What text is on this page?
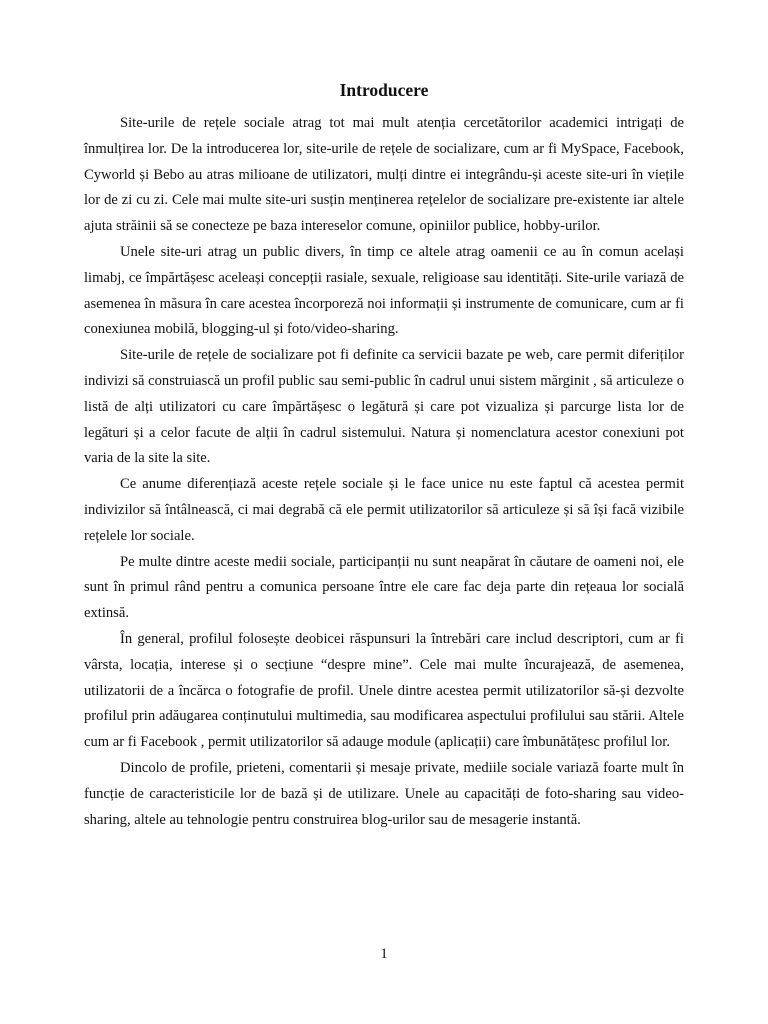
Introducere

Site-urile de rețele sociale atrag tot mai mult atenția cercetătorilor academici intrigați de înmulțirea lor. De la introducerea lor, site-urile de rețele de socializare, cum ar fi MySpace, Facebook, Cyworld și Bebo au atras milioane de utilizatori, mulți dintre ei integrându-și aceste site-uri în viețile lor de zi cu zi. Cele mai multe site-uri susțin menținerea rețelelor de socializare pre-existente iar altele ajuta străinii să se conecteze pe baza intereselor comune, opiniilor publice, hobby-urilor.

Unele site-uri atrag un public divers, în timp ce altele atrag oamenii ce au în comun același limabj, ce împărtășesc aceleași concepții rasiale, sexuale, religioase sau identități. Site-urile variază de asemenea în măsura în care acestea încorporeză noi informații și instrumente de comunicare, cum ar fi conexiunea mobilă, blogging-ul și foto/video-sharing.

Site-urile de rețele de socializare pot fi definite ca servicii bazate pe web, care permit diferiților indivizi să construiască un profil public sau semi-public în cadrul unui sistem mărginit , să articuleze o listă de alți utilizatori cu care împărtășesc o legătură și care pot vizualiza și parcurge lista lor de legături și a celor facute de alții în cadrul sistemului. Natura și nomenclatura acestor conexiuni pot varia de la site la site.

Ce anume diferențiază aceste rețele sociale și le face unice nu este faptul că acestea permit indivizilor să întâlnească, ci mai degrabă că ele permit utilizatorilor să articuleze și să își facă vizibile rețelele lor sociale.

Pe multe dintre aceste medii sociale, participanții nu sunt neapărat în căutare de oameni noi, ele sunt în primul rând pentru a comunica persoane între ele care fac deja parte din rețeaua lor socială extinsă.

În general, profilul folosește deobicei răspunsuri la întrebări care includ descriptori, cum ar fi vârsta, locația, interese și o secțiune “despre mine”. Cele mai multe încurajează, de asemenea, utilizatorii de a încărca o fotografie de profil. Unele dintre acestea permit utilizatorilor să-și dezvolte profilul prin adăugarea conținutului multimedia, sau modificarea aspectului profilului sau stării. Altele cum ar fi Facebook , permit utilizatorilor să adauge module (aplicații) care îmbunătățesc profilul lor.

Dincolo de profile, prieteni, comentarii și mesaje private, mediile sociale variază foarte mult în funcție de caracteristicile lor de bază și de utilizare. Unele au capacități de foto-sharing sau video-sharing, altele au tehnologie pentru construirea blog-urilor sau de mesagerie instantă.

1
